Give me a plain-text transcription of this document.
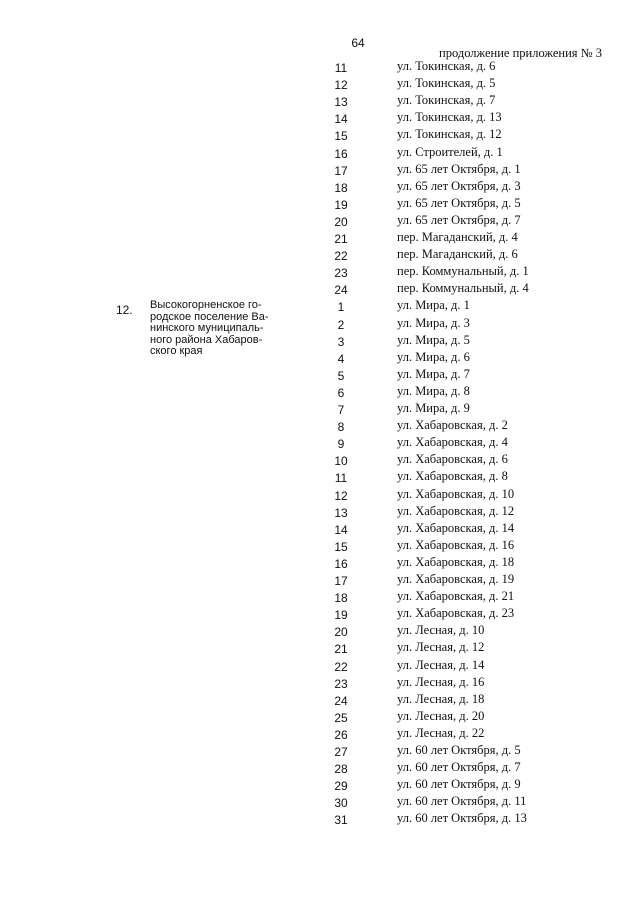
64
продолжение приложения № 3
12. Высокогорненское го-
родское поселение Ва-
нинского муниципаль-
ного района Хабаров-
ского края
11	ул. Токинская, д. 6
12	ул. Токинская, д. 5
13	ул. Токинская, д. 7
14	ул. Токинская, д. 13
15	ул. Токинская, д. 12
16	ул. Строителей, д. 1
17	ул. 65 лет Октября, д. 1
18	ул. 65 лет Октября, д. 3
19	ул. 65 лет Октября, д. 5
20	ул. 65 лет Октября, д. 7
21	пер. Магаданский, д. 4
22	пер. Магаданский, д. 6
23	пер. Коммунальный, д. 1
24	пер. Коммунальный, д. 4
1	ул. Мира, д. 1
2	ул. Мира, д. 3
3	ул. Мира, д. 5
4	ул. Мира, д. 6
5	ул. Мира, д. 7
6	ул. Мира, д. 8
7	ул. Мира, д. 9
8	ул. Хабаровская, д. 2
9	ул. Хабаровская, д. 4
10	ул. Хабаровская, д. 6
11	ул. Хабаровская, д. 8
12	ул. Хабаровская, д. 10
13	ул. Хабаровская, д. 12
14	ул. Хабаровская, д. 14
15	ул. Хабаровская, д. 16
16	ул. Хабаровская, д. 18
17	ул. Хабаровская, д. 19
18	ул. Хабаровская, д. 21
19	ул. Хабаровская, д. 23
20	ул. Лесная, д. 10
21	ул. Лесная, д. 12
22	ул. Лесная, д. 14
23	ул. Лесная, д. 16
24	ул. Лесная, д. 18
25	ул. Лесная, д. 20
26	ул. Лесная, д. 22
27	ул. 60 лет Октября, д. 5
28	ул. 60 лет Октября, д. 7
29	ул. 60 лет Октября, д. 9
30	ул. 60 лет Октября, д. 11
31	ул. 60 лет Октября, д. 13
